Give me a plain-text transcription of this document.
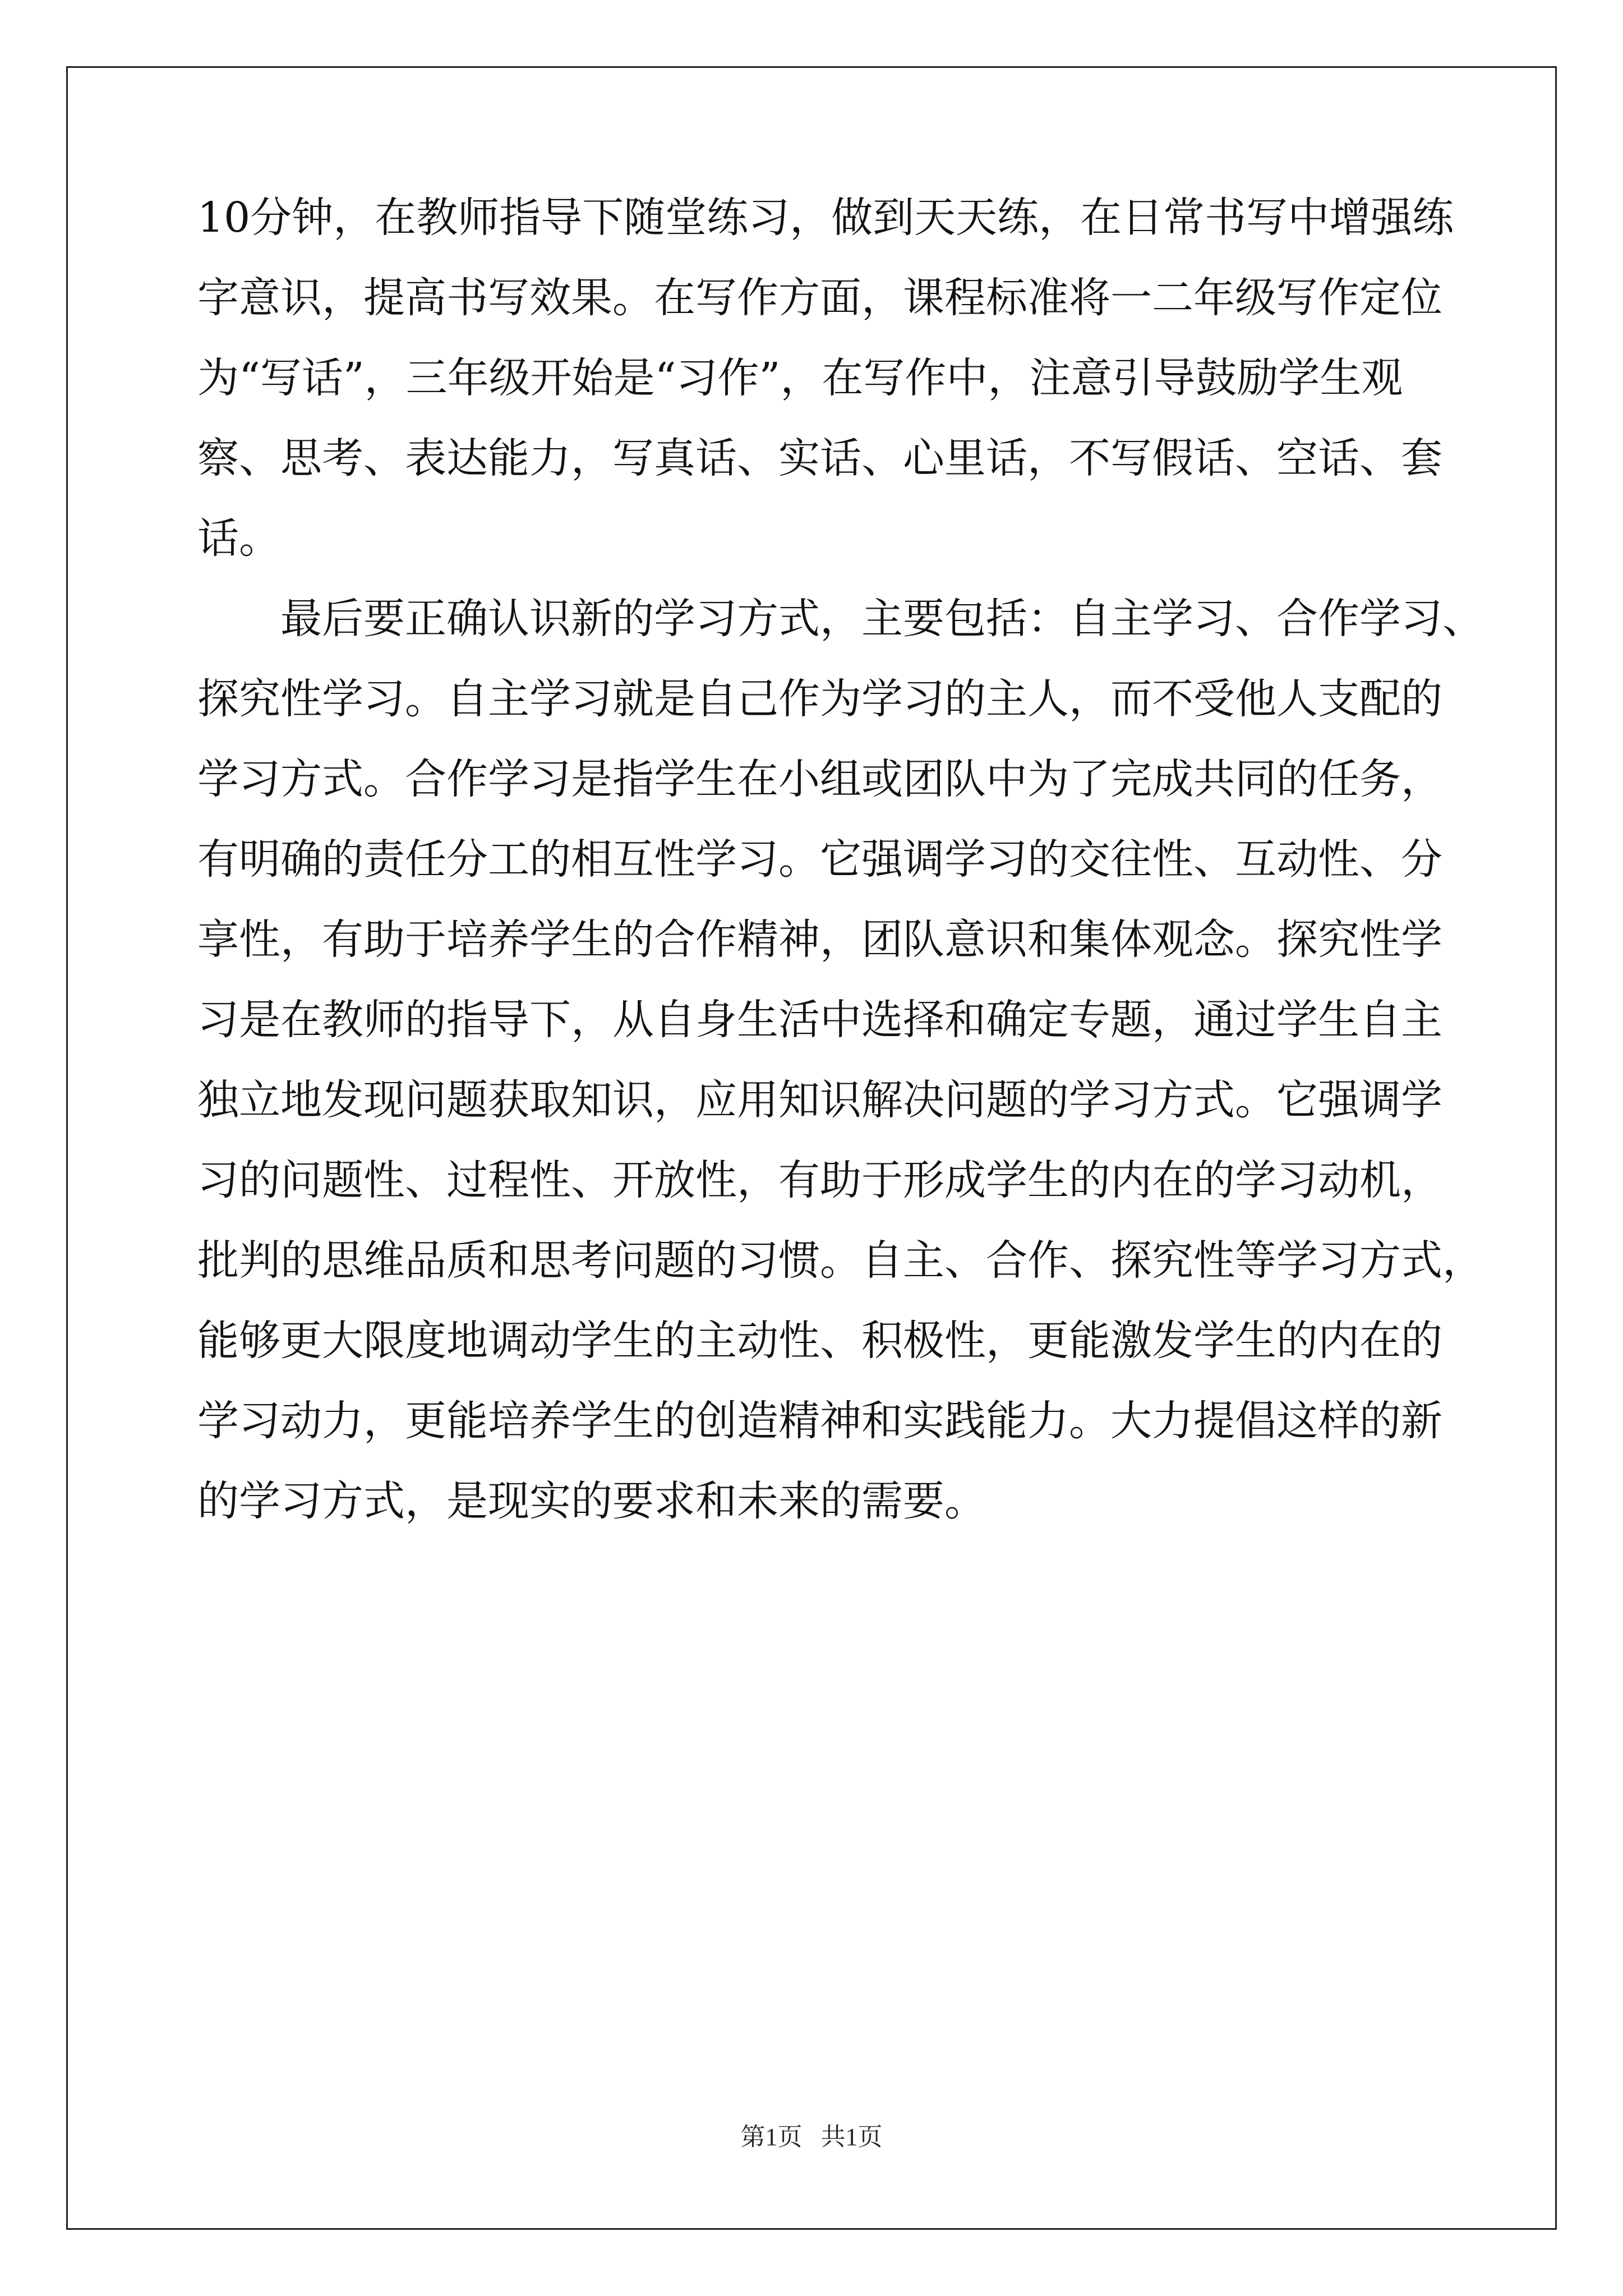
10分钟，在教师指导下随堂练习，做到天天练，在日常书写中增强练
字意识，提高书写效果。在写作方面，课程标准将一二年级写作定位
为“写话”，三年级开始是“习作”，在写作中，注意引导鼓励学生观
察、思考、表达能力，写真话、实话、心里话，不写假话、空话、套
话。
最后要正确认识新的学习方式，主要包括：自主学习、合作学习、
探究性学习。自主学习就是自己作为学习的主人，而不受他人支配的
学习方式。合作学习是指学生在小组或团队中为了完成共同的任务，
有明确的责任分工的相互性学习。它强调学习的交往性、互动性、分
享性，有助于培养学生的合作精神，团队意识和集体观念。探究性学
习是在教师的指导下，从自身生活中选择和确定专题，通过学生自主
独立地发现问题获取知识，应用知识解决问题的学习方式。它强调学
习的问题性、过程性、开放性，有助于形成学生的内在的学习动机，
批判的思维品质和思考问题的习惯。自主、合作、探究性等学习方式，
能够更大限度地调动学生的主动性、积极性，更能激发学生的内在的
学习动力，更能培养学生的创造精神和实践能力。大力提倡这样的新
的学习方式，是现实的要求和未来的需要。
第1页   共1页
